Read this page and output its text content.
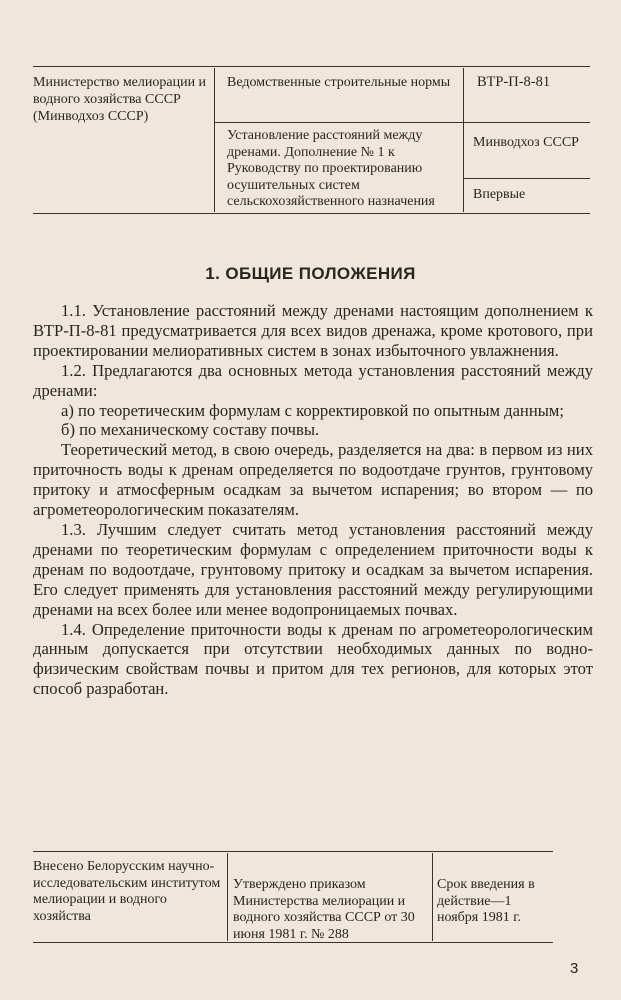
Министерство мелиорации и водного хозяйства СССР (Минводхоз СССР)
Ведомственные строительные нормы	ВТР-П-8-81
Установление расстояний между дренами. Дополнение № 1 к Руководству по проектированию осушительных систем сельскохозяйственного назначения
Минводхоз СССР
Впервые
1. ОБЩИЕ ПОЛОЖЕНИЯ

1.1. Установление расстояний между дренами настоящим дополнением к ВТР-П-8-81 предусматривается для всех видов дренажа, кроме кротового, при проектировании мелиоративных систем в зонах избыточного увлажнения.

1.2. Предлагаются два основных метода установления расстояний между дренами:

а) по теоретическим формулам с корректировкой по опытным данным;

б) по механическому составу почвы.

Теоретический метод, в свою очередь, разделяется на два: в первом из них приточность воды к дренам определяется по водоотдаче грунтов, грунтовому притоку и атмосферным осадкам за вычетом испарения; во втором — по агрометеорологическим показателям.

1.3. Лучшим следует считать метод установления расстояний между дренами по теоретическим формулам с определением приточности воды к дренам по водоотдаче, грунтовому притоку и осадкам за вычетом испарения. Его следует применять для установления расстояний между регулирующими дренами на всех более или менее водопроницаемых почвах.

1.4. Определение приточности воды к дренам по агрометеорологическим данным допускается при отсутствии необходимых данных по водно-физическим свойствам почвы и притом для тех регионов, для которых этот способ разработан.

Внесено Белорусским научно-исследовательским институтом мелиорации и водного хозяйства
Утверждено приказом Министерства мелиорации и водного хозяйства СССР от 30 июня 1981 г. № 288
Срок введения в действие—1 ноября 1981 г.
3
